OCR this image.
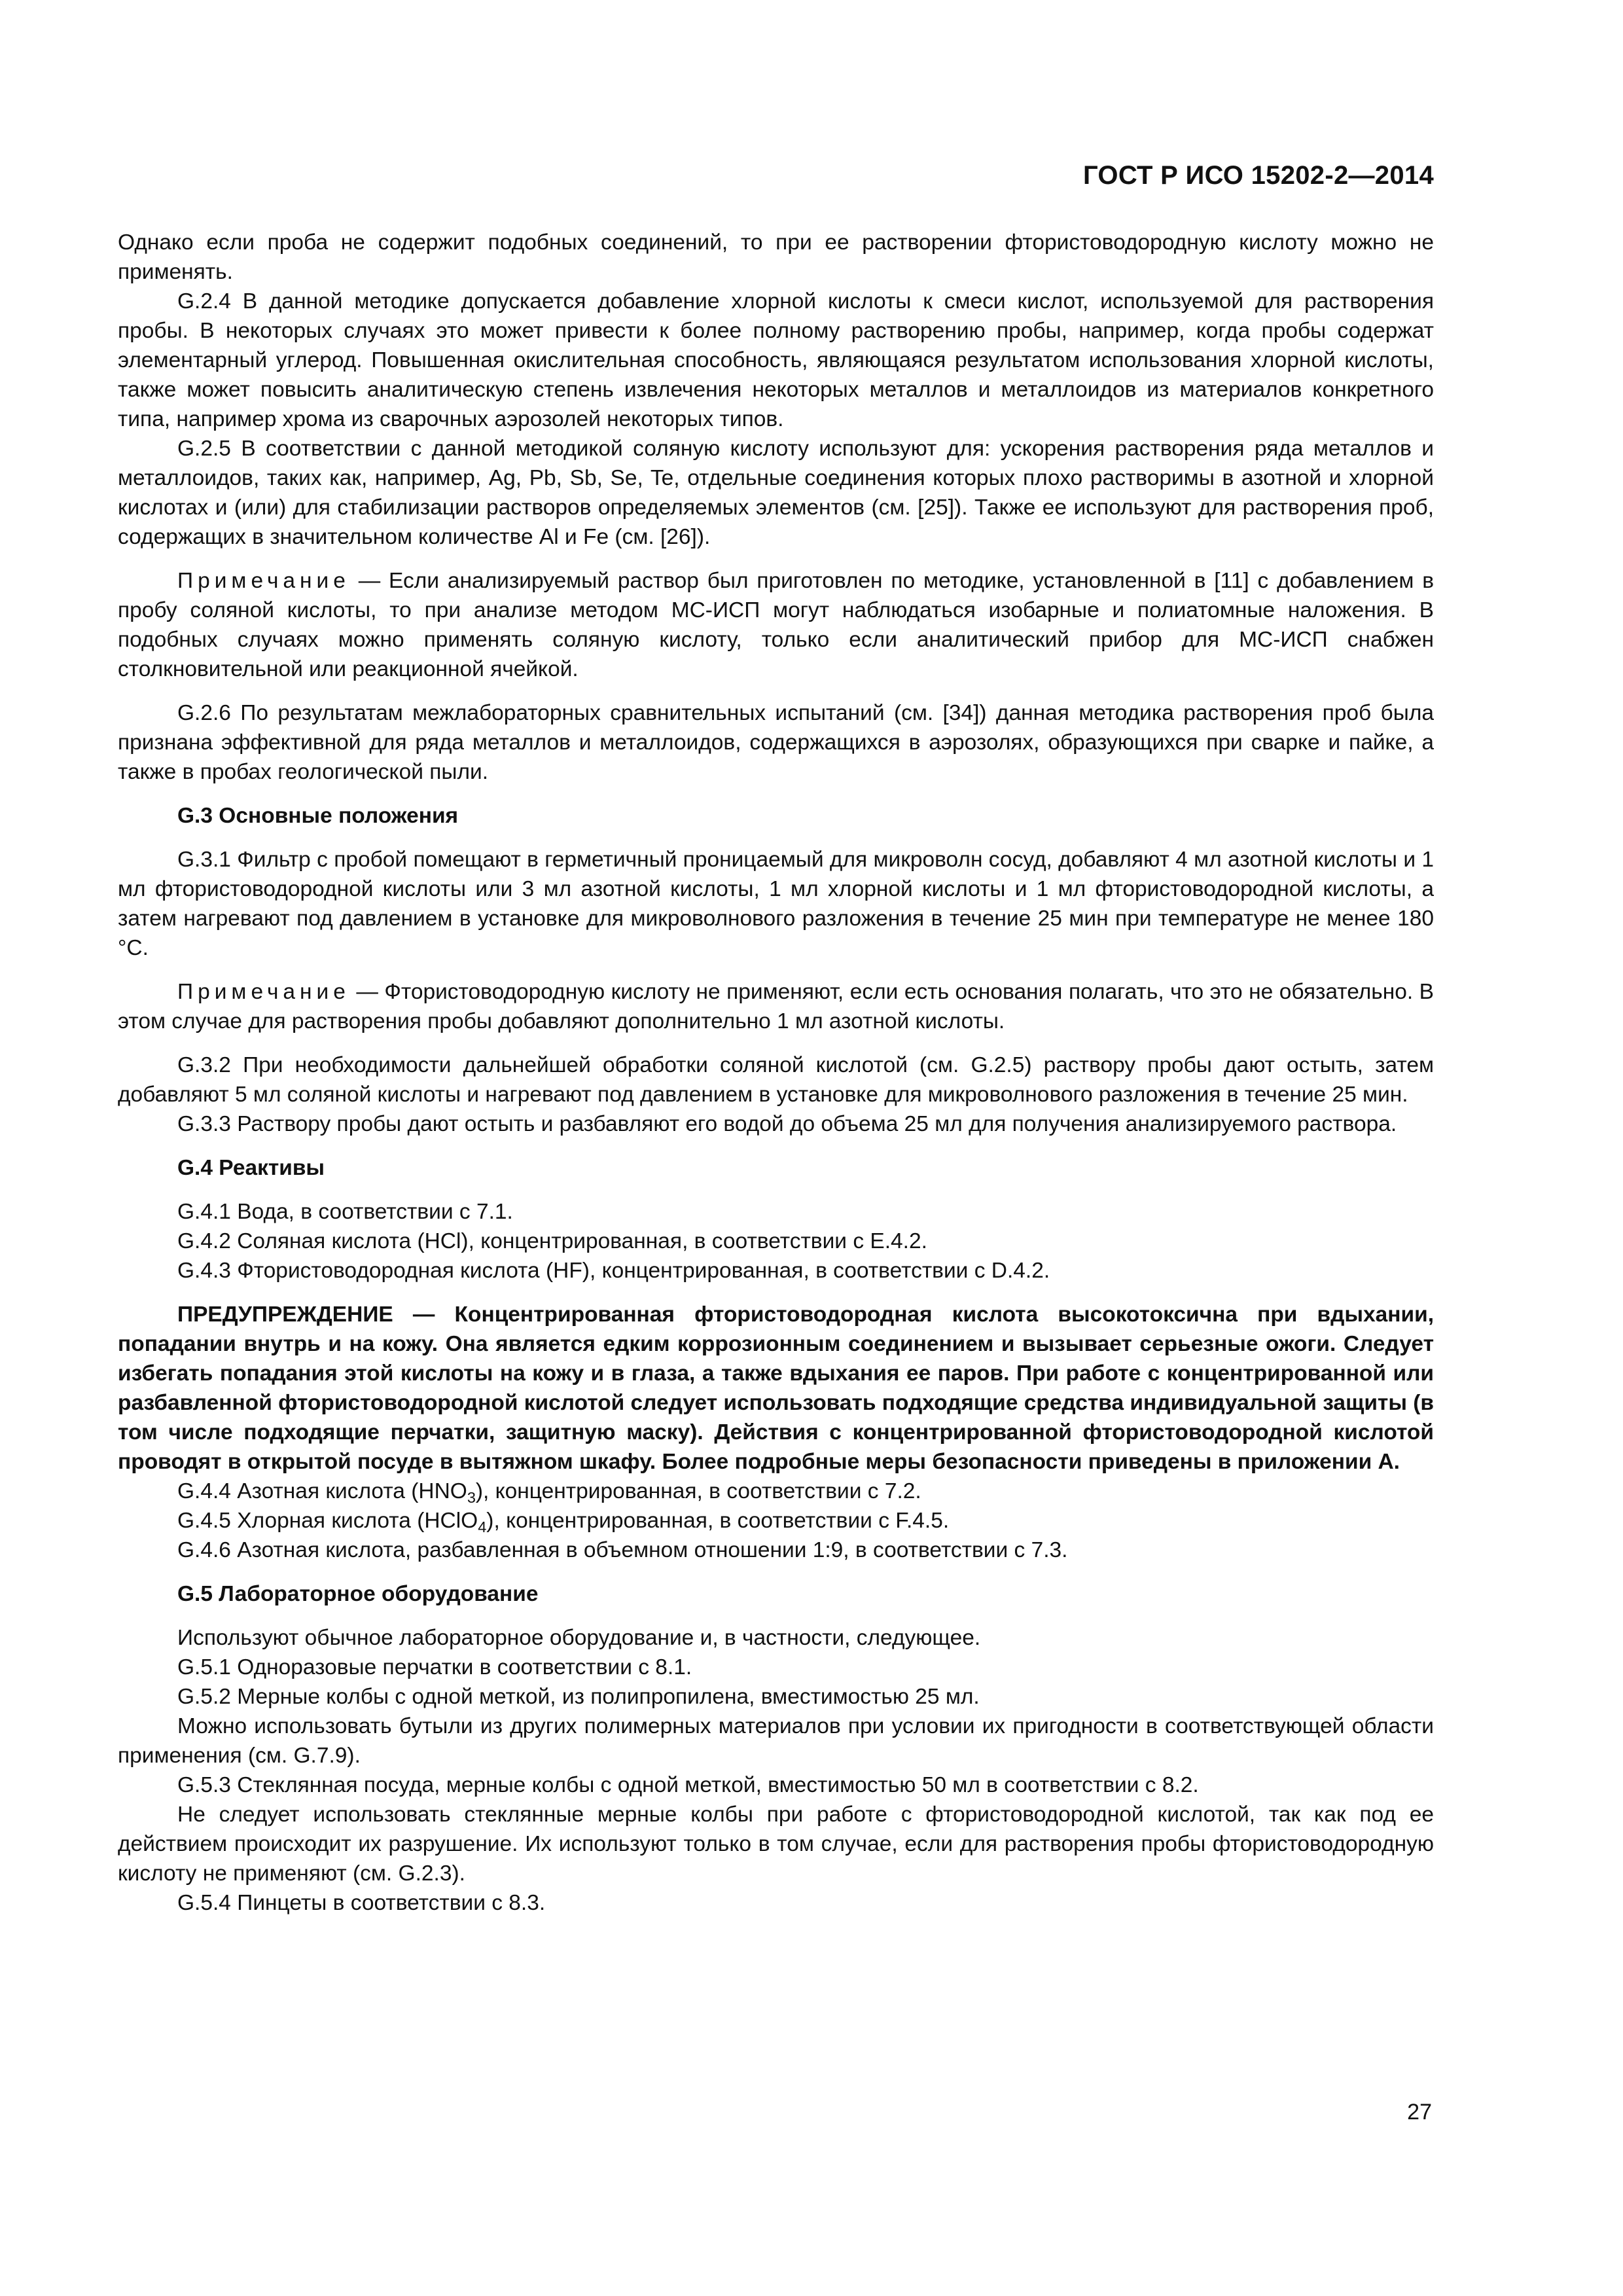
ГОСТ Р ИСО 15202-2—2014

Однако если проба не содержит подобных соединений, то при ее растворении фтористоводородную кислоту можно не применять.

G.2.4 В данной методике допускается добавление хлорной кислоты к смеси кислот, используемой для растворения пробы. В некоторых случаях это может привести к более полному растворению пробы, например, когда пробы содержат элементарный углерод. Повышенная окислительная способность, являющаяся результатом использования хлорной кислоты, также может повысить аналитическую степень извлечения некоторых металлов и металлоидов из материалов конкретного типа, например хрома из сварочных аэрозолей некоторых типов.

G.2.5 В соответствии с данной методикой соляную кислоту используют для: ускорения растворения ряда металлов и металлоидов, таких как, например, Ag, Pb, Sb, Se, Te, отдельные соединения которых плохо растворимы в азотной и хлорной кислотах и (или) для стабилизации растворов определяемых элементов (см. [25]). Также ее используют для растворения проб, содержащих в значительном количестве Al и Fe (см. [26]).

Примечание — Если анализируемый раствор был приготовлен по методике, установленной в [11] с добавлением в пробу соляной кислоты, то при анализе методом МС-ИСП могут наблюдаться изобарные и полиатомные наложения. В подобных случаях можно применять соляную кислоту, только если аналитический прибор для МС-ИСП снабжен столкновительной или реакционной ячейкой.

G.2.6 По результатам межлабораторных сравнительных испытаний (см. [34]) данная методика растворения проб была признана эффективной для ряда металлов и металлоидов, содержащихся в аэрозолях, образующихся при сварке и пайке, а также в пробах геологической пыли.

G.3 Основные положения

G.3.1 Фильтр с пробой помещают в герметичный проницаемый для микроволн сосуд, добавляют 4 мл азотной кислоты и 1 мл фтористоводородной кислоты или 3 мл азотной кислоты, 1 мл хлорной кислоты и 1 мл фтористоводородной кислоты, а затем нагревают под давлением в установке для микроволнового разложения в течение 25 мин при температуре не менее 180 °С.

Примечание — Фтористоводородную кислоту не применяют, если есть основания полагать, что это не обязательно. В этом случае для растворения пробы добавляют дополнительно 1 мл азотной кислоты.

G.3.2 При необходимости дальнейшей обработки соляной кислотой (см. G.2.5) раствору пробы дают остыть, затем добавляют 5 мл соляной кислоты и нагревают под давлением в установке для микроволнового разложения в течение 25 мин.

G.3.3 Раствору пробы дают остыть и разбавляют его водой до объема 25 мл для получения анализируемого раствора.

G.4 Реактивы

G.4.1 Вода, в соответствии с 7.1.

G.4.2 Соляная кислота (HCl), концентрированная, в соответствии с Е.4.2.

G.4.3 Фтористоводородная кислота (HF), концентрированная, в соответствии с D.4.2.

ПРЕДУПРЕЖДЕНИЕ — Концентрированная фтористоводородная кислота высокотоксична при вдыхании, попадании внутрь и на кожу. Она является едким коррозионным соединением и вызывает серьезные ожоги. Следует избегать попадания этой кислоты на кожу и в глаза, а также вдыхания ее паров. При работе с концентрированной или разбавленной фтористоводородной кислотой следует использовать подходящие средства индивидуальной защиты (в том числе подходящие перчатки, защитную маску). Действия с концентрированной фтористоводородной кислотой проводят в открытой посуде в вытяжном шкафу. Более подробные меры безопасности приведены в приложении А.

G.4.4 Азотная кислота $(HNO_3)$, концентрированная, в соответствии с 7.2.

G.4.5 Хлорная кислота (HClO$_4$), концентрированная, в соответствии с F.4.5.

G.4.6 Азотная кислота, разбавленная в объемном отношении 1:9, в соответствии с 7.3.

G.5 Лабораторное оборудование

Используют обычное лабораторное оборудование и, в частности, следующее.

G.5.1 Одноразовые перчатки в соответствии с 8.1.

G.5.2 Мерные колбы с одной меткой, из полипропилена, вместимостью 25 мл.

Можно использовать бутыли из других полимерных материалов при условии их пригодности в соответствующей области применения (см. G.7.9).

G.5.3 Стеклянная посуда, мерные колбы с одной меткой, вместимостью 50 мл в соответствии с 8.2.

Не следует использовать стеклянные мерные колбы при работе с фтористоводородной кислотой, так как под ее действием происходит их разрушение. Их используют только в том случае, если для растворения пробы фтористоводородную кислоту не применяют (см. G.2.3).

G.5.4 Пинцеты в соответствии с 8.3.

27
